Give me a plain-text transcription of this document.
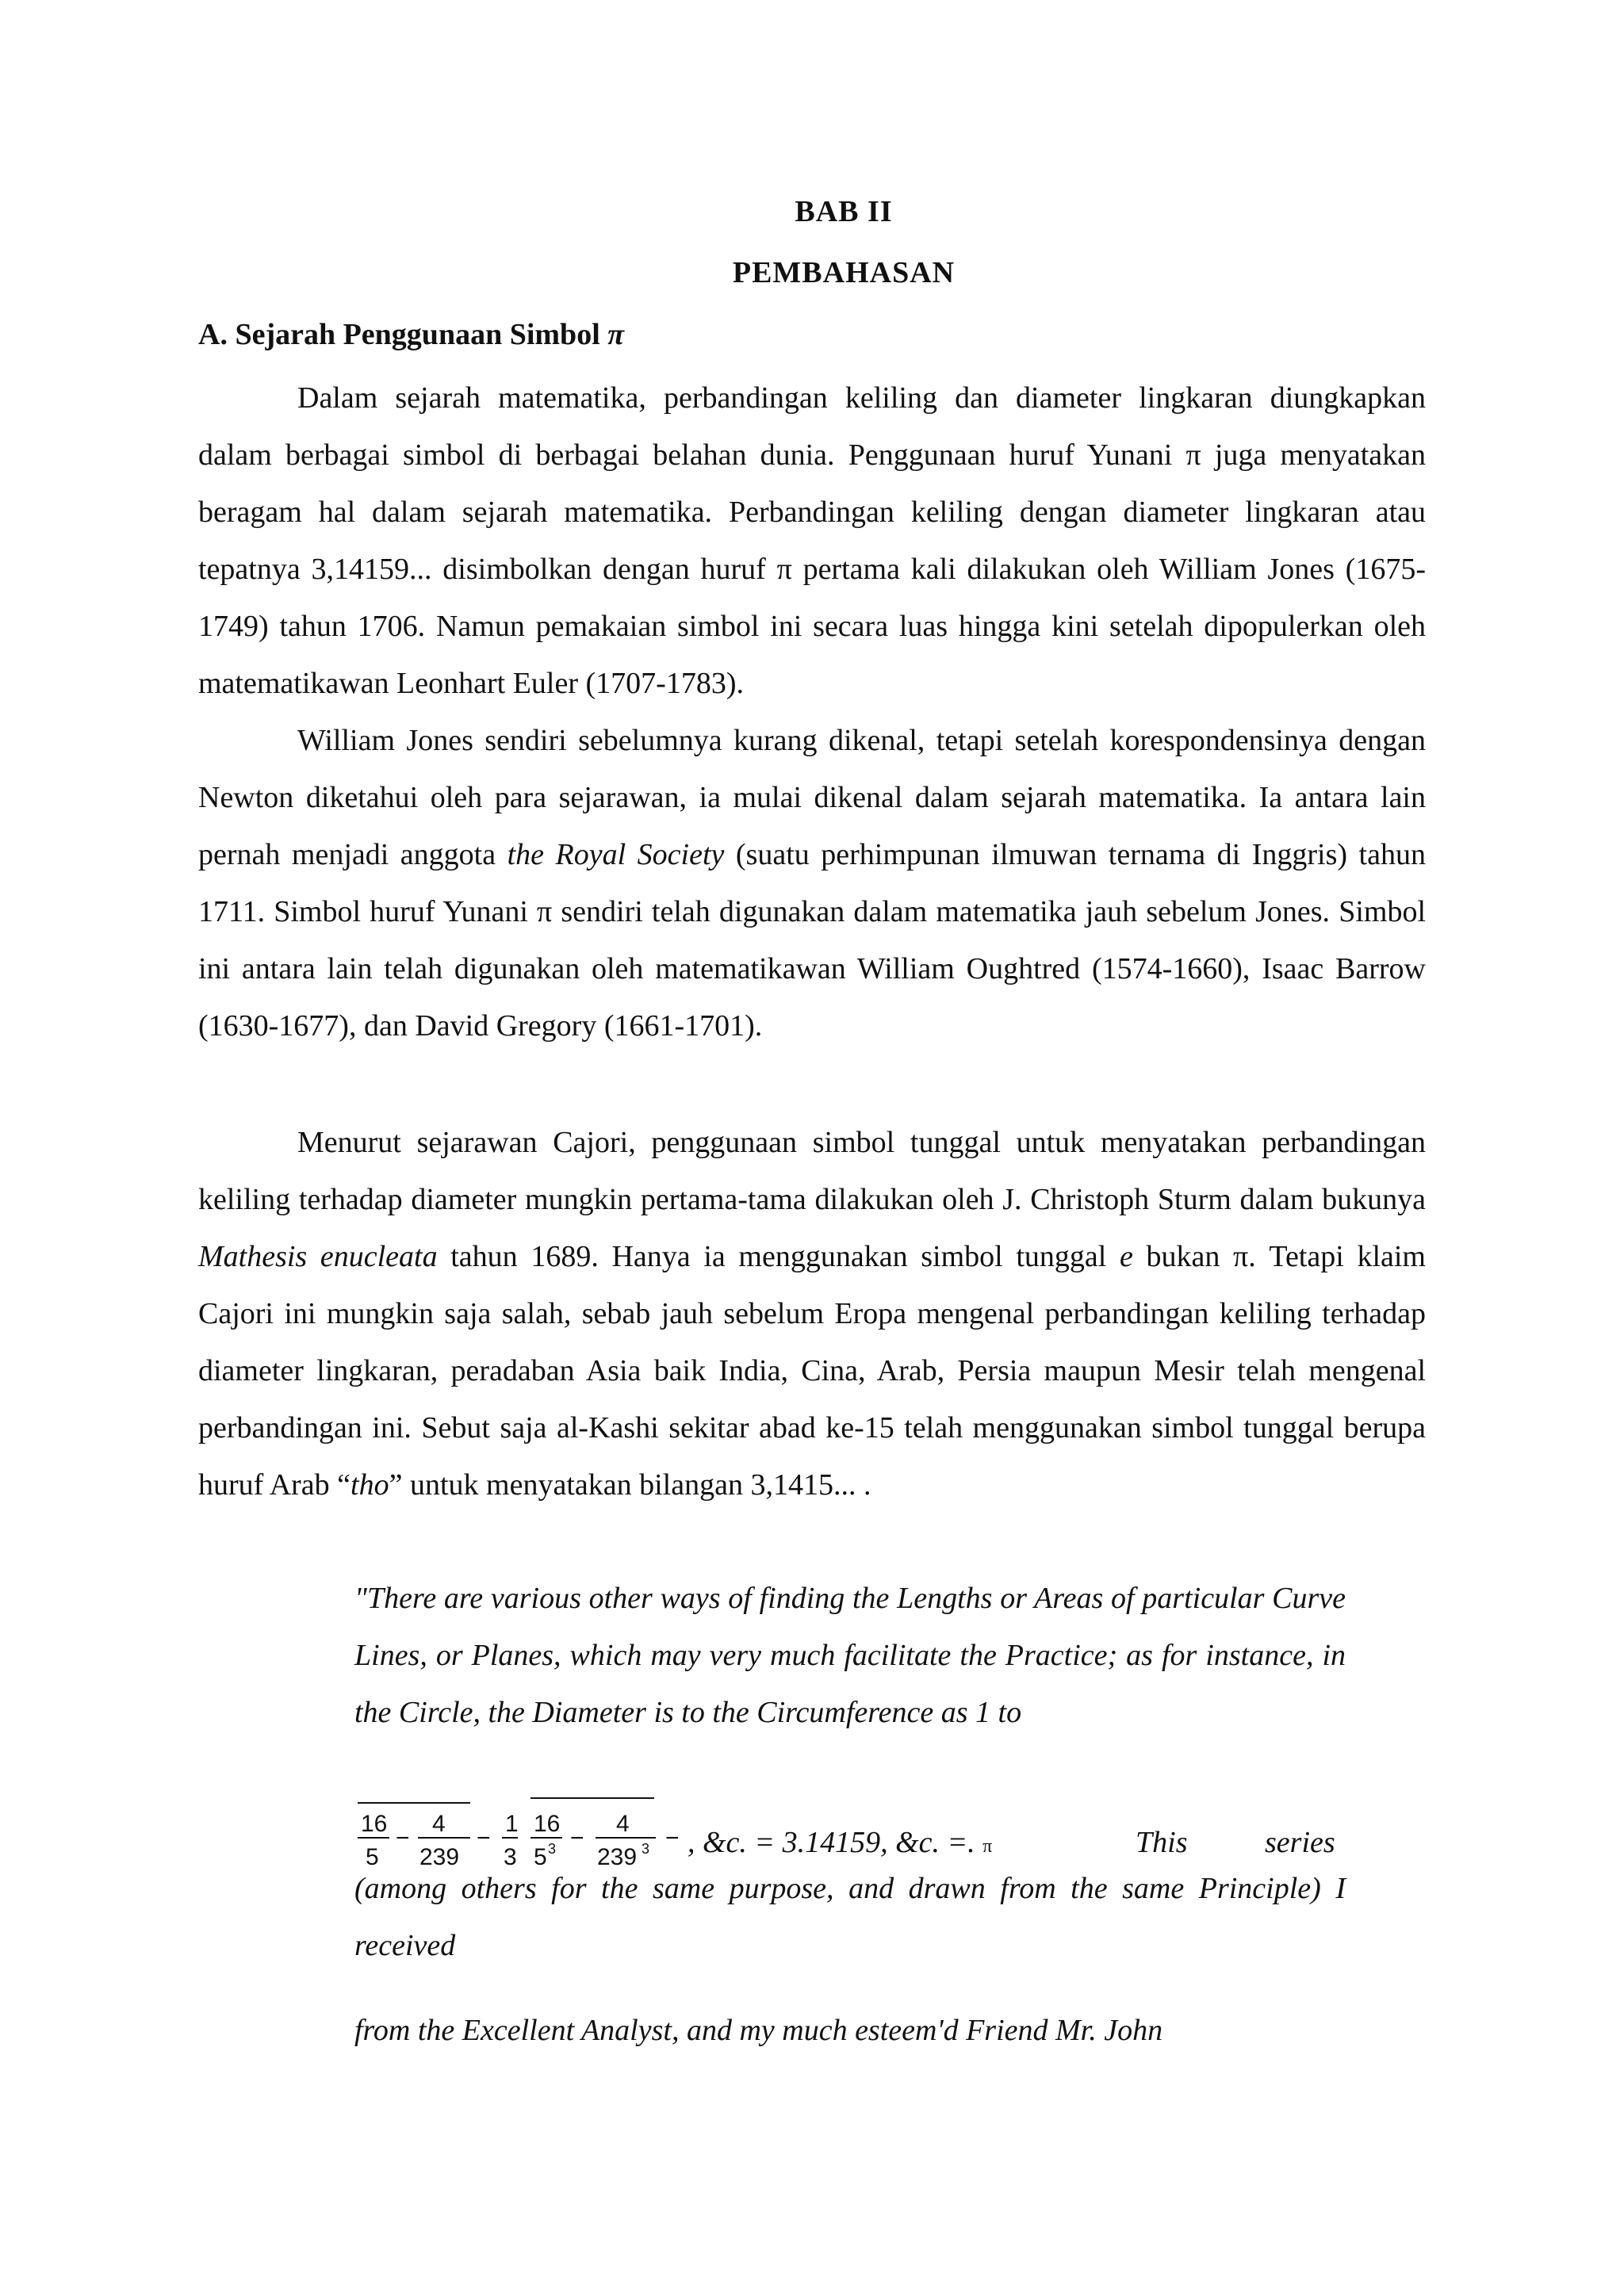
BAB II
PEMBAHASAN
A. Sejarah Penggunaan Simbol π

Dalam sejarah matematika, perbandingan keliling dan diameter lingkaran diungkapkan dalam berbagai simbol di berbagai belahan dunia. Penggunaan huruf Yunani π juga menyatakan beragam hal dalam sejarah matematika. Perbandingan keliling dengan diameter lingkaran atau tepatnya 3,14159... disimbolkan dengan huruf π pertama kali dilakukan oleh William Jones (1675-1749) tahun 1706. Namun pemakaian simbol ini secara luas hingga kini setelah dipopulerkan oleh matematikawan Leonhart Euler (1707-1783).

William Jones sendiri sebelumnya kurang dikenal, tetapi setelah korespondensinya dengan Newton diketahui oleh para sejarawan, ia mulai dikenal dalam sejarah matematika. Ia antara lain pernah menjadi anggota the Royal Society (suatu perhimpunan ilmuwan ternama di Inggris) tahun 1711. Simbol huruf Yunani π sendiri telah digunakan dalam matematika jauh sebelum Jones. Simbol ini antara lain telah digunakan oleh matematikawan William Oughtred (1574-1660), Isaac Barrow (1630-1677), dan David Gregory (1661-1701).

Menurut sejarawan Cajori, penggunaan simbol tunggal untuk menyatakan perbandingan keliling terhadap diameter mungkin pertama-tama dilakukan oleh J. Christoph Sturm dalam bukunya Mathesis enucleata tahun 1689. Hanya ia menggunakan simbol tunggal e bukan π. Tetapi klaim Cajori ini mungkin saja salah, sebab jauh sebelum Eropa mengenal perbandingan keliling terhadap diameter lingkaran, peradaban Asia baik India, Cina, Arab, Persia maupun Mesir telah mengenal perbandingan ini. Sebut saja al-Kashi sekitar abad ke-15 telah menggunakan simbol tunggal berupa huruf Arab “tho” untuk menyatakan bilangan 3,1415... .

"There are various other ways of finding the Lengths or Areas of particular Curve Lines, or Planes, which may very much facilitate the Practice; as for instance, in the Circle, the Diameter is to the Circumference as 1 to

16
5
−
4
239
−
1
3
16
5 3 −
4
239 3 − , &c. = 3.14159, &c. =. π	This	series

(among others for the same purpose, and drawn from the same Principle) I received

from the Excellent Analyst, and my much esteem'd Friend Mr. John
